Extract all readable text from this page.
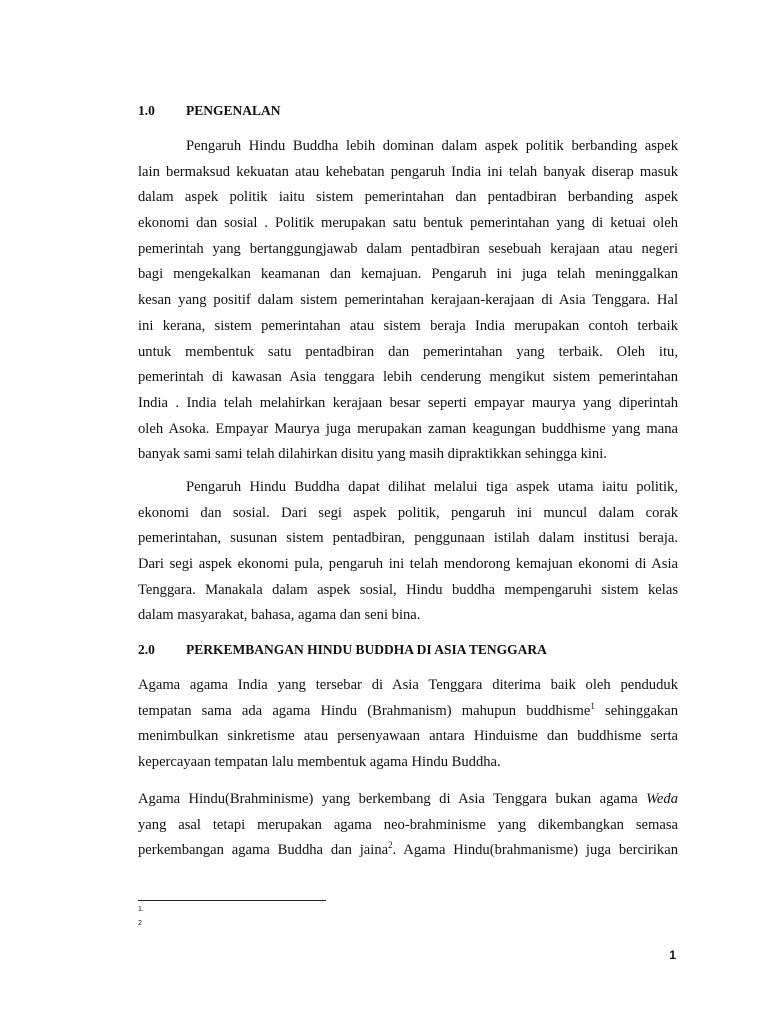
1.0 PENGENALAN
Pengaruh Hindu Buddha lebih dominan dalam aspek politik berbanding aspek
lain bermaksud kekuatan atau kehebatan pengaruh India ini telah banyak diserap masuk
dalam aspek politik iaitu sistem pemerintahan dan pentadbiran berbanding aspek
ekonomi dan sosial . Politik merupakan satu bentuk pemerintahan yang di ketuai oleh
pemerintah yang bertanggungjawab dalam pentadbiran sesebuah kerajaan atau negeri
bagi mengekalkan keamanan dan kemajuan. Pengaruh ini juga telah meninggalkan
kesan yang positif dalam sistem pemerintahan kerajaan-kerajaan di Asia Tenggara. Hal
ini kerana, sistem pemerintahan atau sistem beraja India merupakan contoh terbaik
untuk membentuk satu pentadbiran dan pemerintahan yang terbaik. Oleh itu,
pemerintah di kawasan Asia tenggara lebih cenderung mengikut sistem pemerintahan
India . India telah melahirkan kerajaan besar seperti empayar maurya yang diperintah
oleh Asoka. Empayar Maurya juga merupakan zaman keagungan buddhisme yang mana
banyak sami sami telah dilahirkan disitu yang masih dipraktikkan sehingga kini.
Pengaruh Hindu Buddha dapat dilihat melalui tiga aspek utama iaitu politik,
ekonomi dan sosial. Dari segi aspek politik, pengaruh ini muncul dalam corak
pemerintahan, susunan sistem pentadbiran, penggunaan istilah dalam institusi beraja.
Dari segi aspek ekonomi pula, pengaruh ini telah mendorong kemajuan ekonomi di Asia
Tenggara. Manakala dalam aspek sosial, Hindu buddha mempengaruhi sistem kelas
dalam masyarakat, bahasa, agama dan seni bina.
2.0 PERKEMBANGAN HINDU BUDDHA DI ASIA TENGGARA
Agama agama India yang tersebar di Asia Tenggara diterima baik oleh penduduk
tempatan sama ada agama Hindu (Brahmanism) mahupun buddhisme$^1$ sehinggakan
menimbulkan sinkretisme atau persenyawaan antara Hinduisme dan buddhisme serta
kepercayaan tempatan lalu membentuk agama Hindu Buddha.
Agama Hindu(Brahminisme) yang berkembang di Asia Tenggara bukan agama Weda
yang asal tetapi merupakan agama neo-brahminisme yang dikembangkan semasa
perkembangan agama Buddha dan jaina$^2$. Agama Hindu(brahmanisme) juga bercirikan
1.
2
1
